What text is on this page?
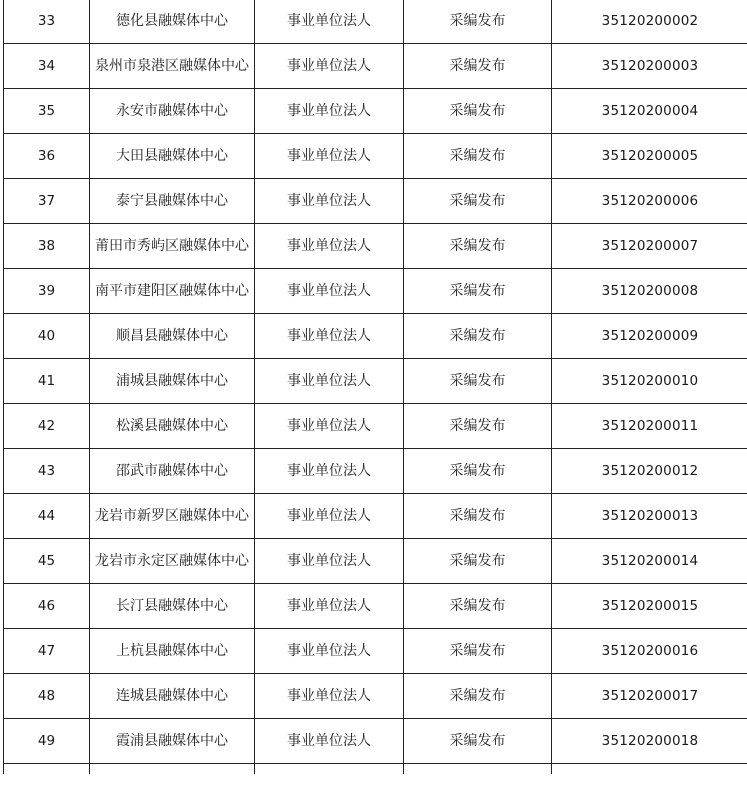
33	德化县融媒体中心	事业单位法人	采编发布	35120200002
34	泉州市泉港区融媒体中心	事业单位法人	采编发布	35120200003
35	永安市融媒体中心	事业单位法人	采编发布	35120200004
36	大田县融媒体中心	事业单位法人	采编发布	35120200005
37	泰宁县融媒体中心	事业单位法人	采编发布	35120200006
38	莆田市秀屿区融媒体中心	事业单位法人	采编发布	35120200007
39	南平市建阳区融媒体中心	事业单位法人	采编发布	35120200008
40	顺昌县融媒体中心	事业单位法人	采编发布	35120200009
41	浦城县融媒体中心	事业单位法人	采编发布	35120200010
42	松溪县融媒体中心	事业单位法人	采编发布	35120200011
43	邵武市融媒体中心	事业单位法人	采编发布	35120200012
44	龙岩市新罗区融媒体中心	事业单位法人	采编发布	35120200013
45	龙岩市永定区融媒体中心	事业单位法人	采编发布	35120200014
46	长汀县融媒体中心	事业单位法人	采编发布	35120200015
47	上杭县融媒体中心	事业单位法人	采编发布	35120200016
48	连城县融媒体中心	事业单位法人	采编发布	35120200017
49	霞浦县融媒体中心	事业单位法人	采编发布	35120200018
